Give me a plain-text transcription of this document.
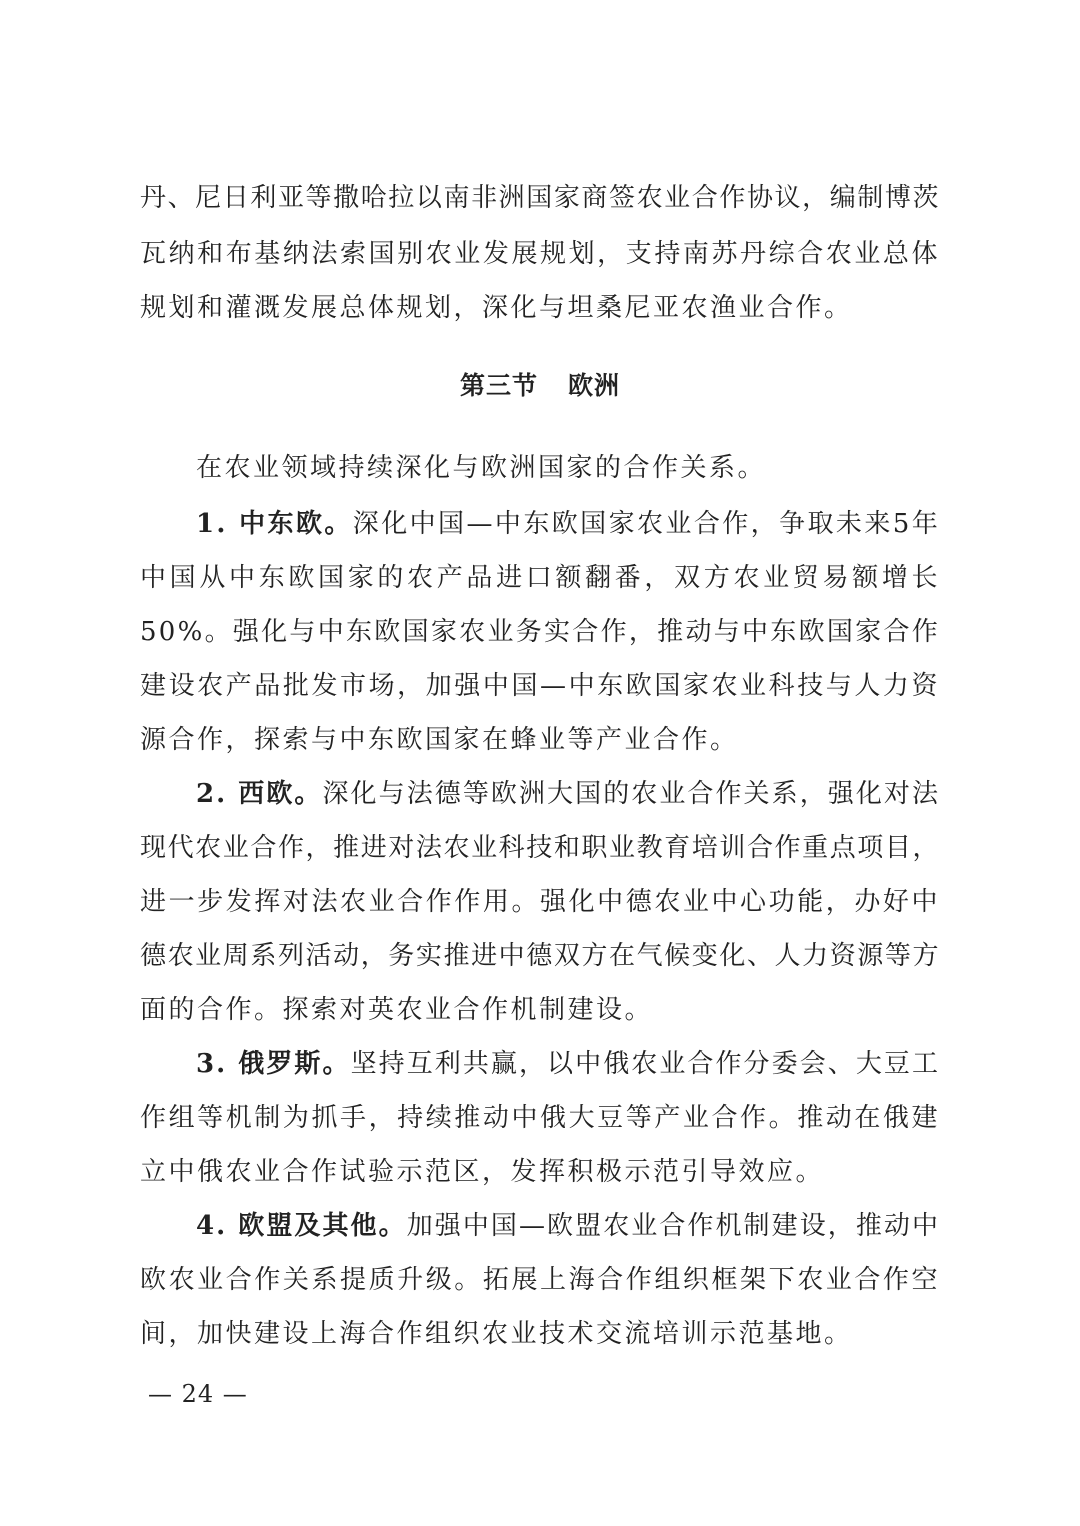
丹、尼日利亚等撒哈拉以南非洲国家商签农业合作协议，编制博茨
瓦纳和布基纳法索国别农业发展规划，支持南苏丹综合农业总体
规划和灌溉发展总体规划，深化与坦桑尼亚农渔业合作。
第三节 欧洲
在农业领域持续深化与欧洲国家的合作关系。
1. 中东欧。深化中国—中东欧国家农业合作，争取未来5年
中国从中东欧国家的农产品进口额翻番，双方农业贸易额增长
50%。强化与中东欧国家农业务实合作，推动与中东欧国家合作
建设农产品批发市场，加强中国—中东欧国家农业科技与人力资
源合作，探索与中东欧国家在蜂业等产业合作。
2. 西欧。深化与法德等欧洲大国的农业合作关系，强化对法
现代农业合作，推进对法农业科技和职业教育培训合作重点项目，
进一步发挥对法农业合作作用。强化中德农业中心功能，办好中
德农业周系列活动，务实推进中德双方在气候变化、人力资源等方
面的合作。探索对英农业合作机制建设。
3. 俄罗斯。坚持互利共赢，以中俄农业合作分委会、大豆工
作组等机制为抓手，持续推动中俄大豆等产业合作。推动在俄建
立中俄农业合作试验示范区，发挥积极示范引导效应。
4. 欧盟及其他。加强中国—欧盟农业合作机制建设，推动中
欧农业合作关系提质升级。拓展上海合作组织框架下农业合作空
间，加快建设上海合作组织农业技术交流培训示范基地。
— 24 —
